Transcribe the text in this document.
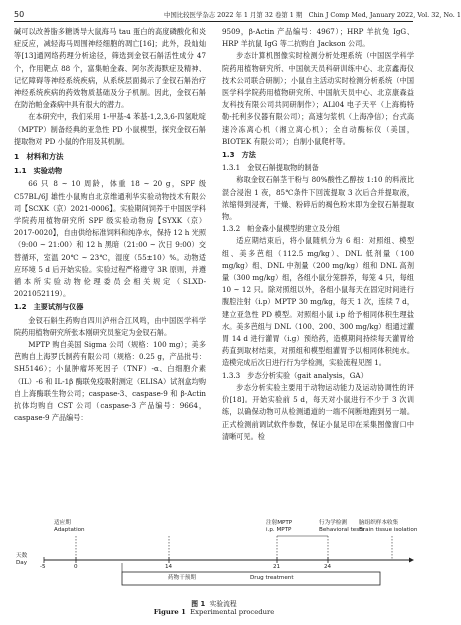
50	中国比较医学杂志 2022 年 1 月第 32 卷第 1 期　Chin J Comp Med, January 2022, Vol. 32, No. 1

碱可以改善脂多糖诱导大鼠海马 tau 蛋白的高度磷酸化和炎症反应，减轻海马周围神经细胞的凋亡[16]；此外，段灿灿等[13]通网络药理分析途径，筛选到金钗石斛活性成分 47 个，作用靶点 88 个，富集帕金森、阿尔茨海默症及精神、记忆障碍等神经系统疾病，从系统层面揭示了金钗石斛治疗神经系统疾病的药效物质基础及分子机制。因此，金钗石斛在防治帕金森病中具有很大的潜力。

在本研究中，我们采用 1-甲基-4 苯基-1,2,3,6-四氢吡啶（MPTP）制备经典的亚急性 PD 小鼠模型，探究金钗石斛提取物对 PD 小鼠的作用及其机制。

1　材料和方法
1.1　实验动物

66 只 8 ~ 10 周龄，体重 18 ~ 20 g，SPF 级 C57BL/6J 雄性小鼠购自北京维通利华实验动物技术有限公司【SCXK（京）2021-0006】。实验期间饲养于中国医学科学院药用植物研究所 SPF 级实验动物房【SYXK（京）2017-0020】，自由供给标准饲料和纯净水，保持 12 h 光照（9:00 ~ 21:00）和 12 h 黑暗（21:00 ~ 次日 9:00）交替循环，室温 20℃ ~ 23℃，湿度（55±10）%。动物适应环境 5 d 后开始实验。实验过程严格遵守 3R 原则，并遵循本所实验动物伦理委员会相关规定（SLXD-2021052119）。

1.2　主要试剂与仪器

金钗石斛生药购自四川泸州合江风鸣，由中国医学科学院药用植物研究所张本刚研究员鉴定为金钗石斛。

MPTP 购自美国 Sigma 公司（规格：100 mg）；美多芭购自上海罗氏制药有限公司（规格：0.25 g，产品批号：SH5146）；小鼠肿瘤坏死因子（TNF）-α、白细胞介素（IL）-6 和 IL-1β 酶联免疫吸附测定（ELISA）试剂盒均购自上海酶联生物公司；caspase-3、caspase-9 和 β-Actin 抗体均购自 CST 公司（caspase-3 产品编号：9664，caspase-9 产品编号：

9509，β-Actin 产品编号：4967）；HRP 羊抗兔 IgG、HRP 羊抗鼠 IgG 等二抗购自 Jackson 公司。

步态计算机图像实时检测分析处理系统（中国医学科学院药用植物研究所、中国航天员科研训练中心、北京鑫海仪技术公司联合研制）；小鼠自主活动实时检测分析系统（中国医学科学院药用植物研究所、中国航天员中心、北京康森益友科技有限公司共同研制作）；ALl04 电子天平（上海梅特勒-托利多仪器有限公司）；高速匀浆机（上海净信）；台式高速冷冻离心机（湘立离心机）；全自动酶标仪（美国，BIOTEK 有限公司）；自制小鼠爬杆等。

1.3　方法
1.3.1　金钗石斛提取物的制备

称取金钗石斛茎干粉与 80%酸性乙醇按 1:10 的料液比混合浸泡 1 夜，85℃条件下回流提取 3 次后合并提取液，浓缩得到浸膏，干燥、粉碎后的褐色粉末即为金钗石斛提取物。

1.3.2　帕金森小鼠模型的建立及分组

适应期结束后，将小鼠随机分为 6 组：对照组、模型组、美多芭组（112.5 mg/kg）、DNL 低剂量（100 mg/kg）组、DNL 中剂量（200 mg/kg）组和 DNL 高剂量（300 mg/kg）组，各组小鼠分笼群养，每笼 4 只，每组 10 ~ 12 只。除对照组以外，各组小鼠每天在固定时间进行腹腔注射（i.p）MPTP 30 mg/kg，每天 1 次，连续 7 d，建立亚急性 PD 模型。对照组小鼠 i.p 给予相同体积生理盐水。美多芭组与 DNL（100、200、300 mg/kg）组通过灌胃 14 d 进行灌胃（i.g）预给药，造模期间持续每天灌胃给药直到取材结束，对照组和模型组灌胃予以相同体积纯水。造模完成后次日进行行为学检测，实验流程见图 1。

1.3.3　步态分析实验（gait analysis，GA）

步态分析实验主要用于动物运动能力及运动协调性的评价[18]。开始实验前 5 d，每天对小鼠进行不少于 3 次训练，以确保动物可从检测通道的一端不间断地跑到另一端。正式检测前调试软件参数，保证小鼠足印在采集图像窗口中清晰可见。检

适应期
Adaptation
注射MPTP
i.p. MPTP
行为学检测
Behavioral tests
脑组织样本收集
Brain tissue isolation
天数
Day
-5	0	14	21	24
药物干预期	Drug treatment
图 1 实验流程
Figure 1 Experimental procedure
